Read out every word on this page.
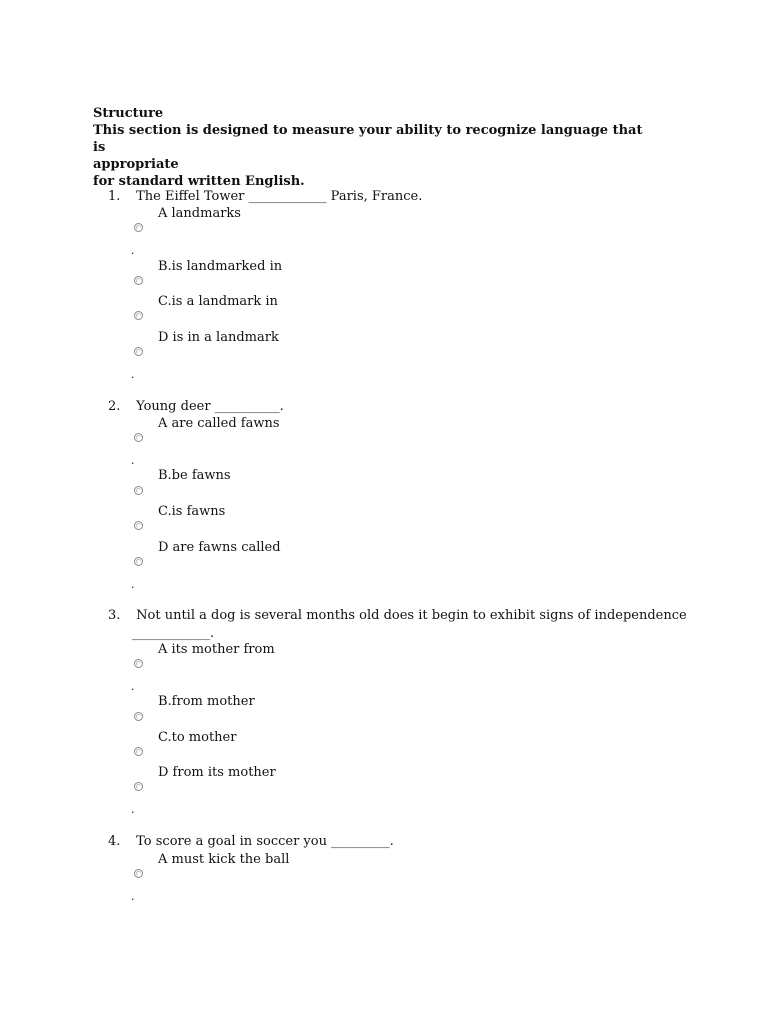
Structure
This section is designed to measure your ability to recognize language that is
appropriate
for standard written English.
1. The Eiffel Tower ____________ Paris, France.
A landmarks
.
B.is landmarked in
C.is a landmark in
D is in a landmark
.
2. Young deer __________.
A are called fawns
.
B.be fawns
C.is fawns
D are fawns called
.
3. Not until a dog is several months old does it begin to exhibit signs of independence
____________.
A its mother from
.
B.from mother
C.to mother
D from its mother
.
4. To score a goal in soccer you _________.
A must kick the ball
.
